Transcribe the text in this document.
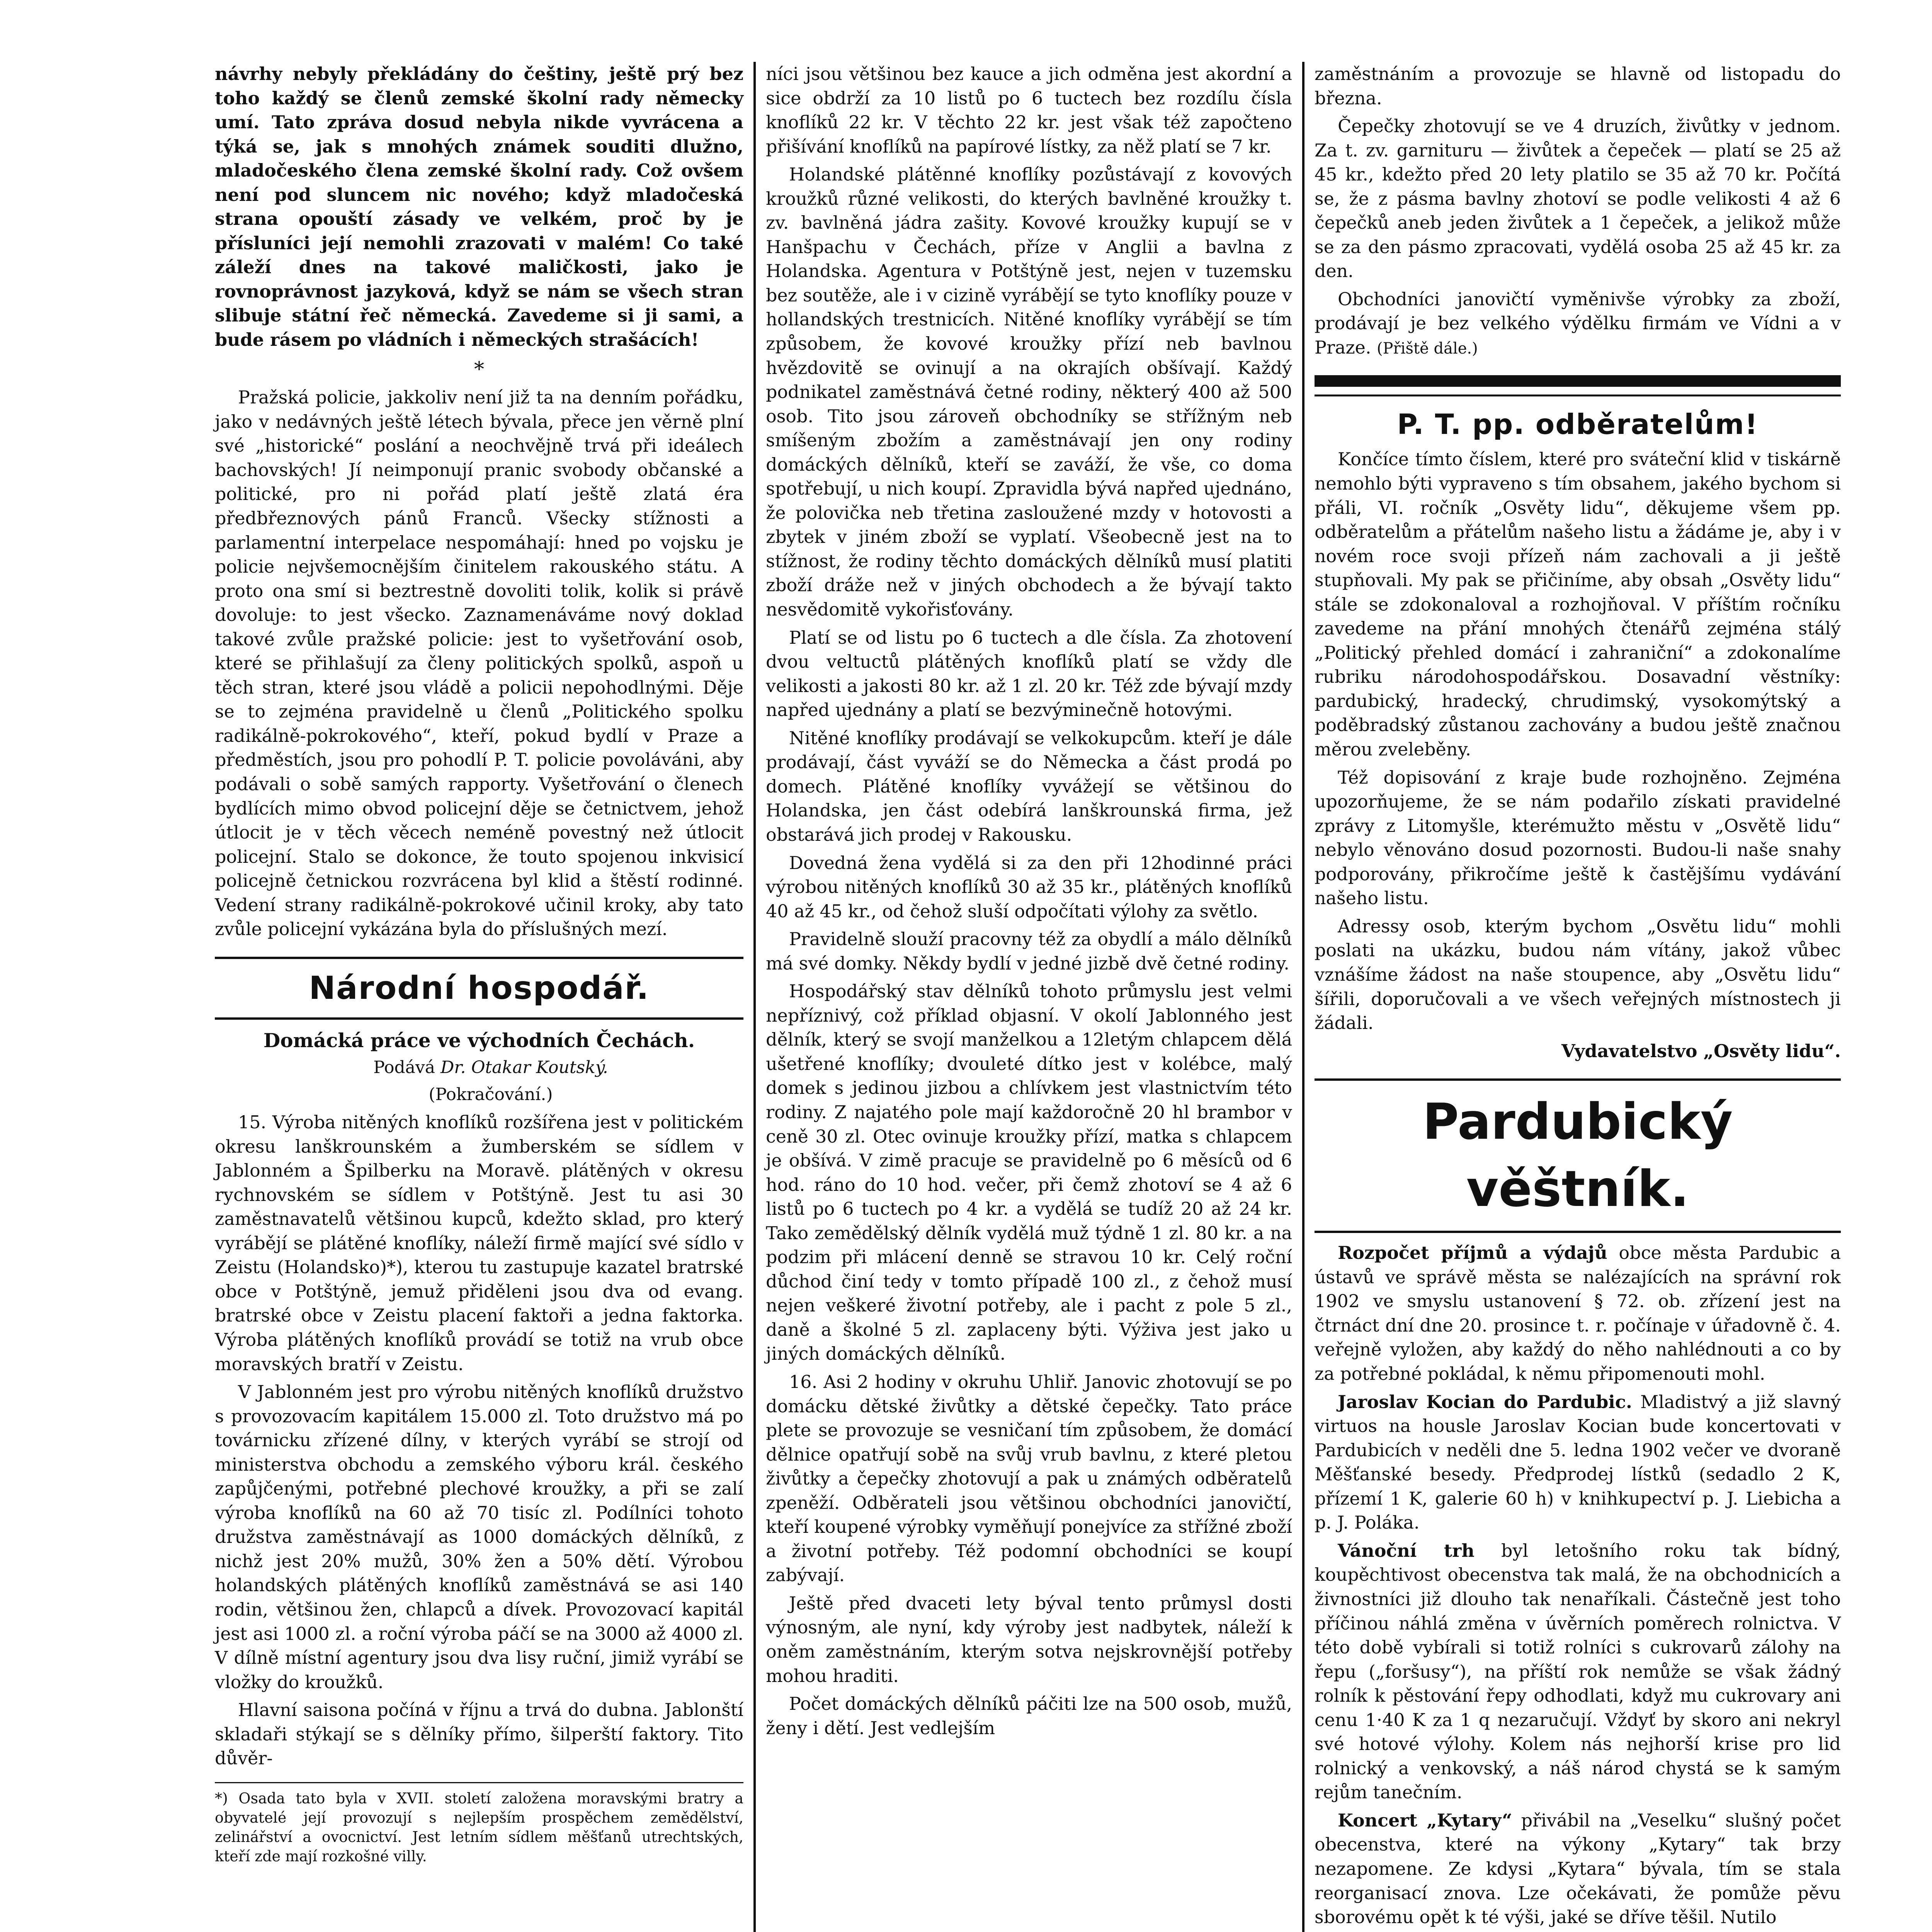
návrhy nebyly překládány do češtiny, ještě prý bez toho každý se členů zemské školní rady německy umí. Tato zpráva dosud nebyla nikde vyvrácena a týká se, jak s mnohých známek souditi dlužno, mladočeského člena zemské školní rady. Což ovšem není pod sluncem nic nového; když mladočeská strana opouští zásady ve velkém, proč by je přísluníci její nemohli zrazovati v malém! Co také záleží dnes na takové maličkosti, jako je rovnoprávnost jazyková, když se nám se všech stran slibuje státní řeč německá. Zavedeme si ji sami, a bude rásem po vládních i německých strašácích!

*

Pražská policie, jakkoliv není již ta na denním pořádku, jako v nedávných ještě létech bývala, přece jen věrně plní své „historické“ poslání a neochvějně trvá při ideálech bachovských! Jí neimponují pranic svobody občanské a politické, pro ni pořád platí ještě zlatá éra předbřeznových pánů Franců. Všecky stížnosti a parlamentní interpelace nespomáhají: hned po vojsku je policie nejvšemocnějším činitelem rakouského státu. A proto ona smí si beztrestně dovoliti tolik, kolik si právě dovoluje: to jest všecko. Zaznamenáváme nový doklad takové zvůle pražské policie: jest to vyšetřování osob, které se přihlašují za členy politických spolků, aspoň u těch stran, které jsou vládě a policii nepohodlnými. Děje se to zejména pravidelně u členů „Politického spolku radikálně-pokrokového“, kteří, pokud bydlí v Praze a předměstích, jsou pro pohodlí P. T. policie povoláváni, aby podávali o sobě samých rapporty. Vyšetřování o členech bydlících mimo obvod policejní děje se četnictvem, jehož útlocit je v těch věcech neméně povestný než útlocit policejní. Stalo se dokonce, že touto spojenou inkvisicí policejně četnickou rozvrácena byl klid a štěstí rodinné. Vedení strany radikálně-pokrokové učinil kroky, aby tato zvůle policejní vykázána byla do příslušných mezí.

Národní hospodář.
Domácká práce ve východních Čechách.

Podává Dr. Otakar Koutský.

(Pokračování.)

15. Výroba nitěných knoflíků rozšířena jest v politickém okresu lanškrounském a žumberském se sídlem v Jablonném a Špilberku na Moravě. plátěných v okresu rychnovském se sídlem v Potštýně. Jest tu asi 30 zaměstnavatelů většinou kupců, kdežto sklad, pro který vyrábějí se plátěné knoflíky, náleží firmě mající své sídlo v Zeistu (Holandsko)*), kterou tu zastupuje kazatel bratrské obce v Potštýně, jemuž přiděleni jsou dva od evang. bratrské obce v Zeistu placení faktoři a jedna faktorka. Výroba plátěných knoflíků provádí se totiž na vrub obce moravských bratří v Zeistu.

V Jablonném jest pro výrobu nitěných knoflíků družstvo s provozovacím kapitálem 15.000 zl. Toto družstvo má po továrnicku zřízené dílny, v kterých vyrábí se strojí od ministerstva obchodu a zemského výboru král. českého zapůjčenými, potřebné plechové kroužky, a při se zalí výroba knoflíků na 60 až 70 tisíc zl. Podílníci tohoto družstva zaměstnávají as 1000 domáckých dělníků, z nichž jest 20% mužů, 30% žen a 50% dětí. Výrobou holandských plátěných knoflíků zaměstnává se asi 140 rodin, většinou žen, chlapců a dívek. Provozovací kapitál jest asi 1000 zl. a roční výroba páčí se na 3000 až 4000 zl. V dílně místní agentury jsou dva lisy ruční, jimiž vyrábí se vložky do kroužků.

Hlavní saisona počíná v říjnu a trvá do dubna. Jablonští skladaři stýkají se s dělníky přímo, šilperští faktory. Tito důvěr-

*) Osada tato byla v XVII. století založena moravskými bratry a obyvatelé její provozují s nejlepším prospěchem zemědělství, zelinářství a ovocnictví. Jest letním sídlem měšťanů utrechtských, kteří zde mají rozkošné villy.

níci jsou většinou bez kauce a jich odměna jest akordní a sice obdrží za 10 listů po 6 tuctech bez rozdílu čísla knoflíků 22 kr. V těchto 22 kr. jest však též započteno přišívání knoflíků na papírové lístky, za něž platí se 7 kr.

Holandské plátěnné knoflíky pozůstávají z kovových kroužků různé velikosti, do kterých bavlněné kroužky t. zv. bavlněná jádra zašity. Kovové kroužky kupují se v Hanšpachu v Čechách, příze v Anglii a bavlna z Holandska. Agentura v Potštýně jest, nejen v tuzemsku bez soutěže, ale i v cizině vyrábějí se tyto knoflíky pouze v hollandských trestnicích. Nitěné knoflíky vyrábějí se tím způsobem, že kovové kroužky přízí neb bavlnou hvězdovitě se ovinují a na okrajích obšívají. Každý podnikatel zaměstnává četné rodiny, některý 400 až 500 osob. Tito jsou zároveň obchodníky se střížným neb smíšeným zbožím a zaměstnávají jen ony rodiny domáckých dělníků, kteří se zaváží, že vše, co doma spotřebují, u nich koupí. Zpravidla bývá napřed ujednáno, že polovička neb třetina zasloužené mzdy v hotovosti a zbytek v jiném zboží se vyplatí. Všeobecně jest na to stížnost, že rodiny těchto domáckých dělníků musí platiti zboží dráže než v jiných obchodech a že bývají takto nesvědomitě vykořisťovány.

Platí se od listu po 6 tuctech a dle čísla. Za zhotovení dvou veltuctů plátěných knoflíků platí se vždy dle velikosti a jakosti 80 kr. až 1 zl. 20 kr. Též zde bývají mzdy napřed ujednány a platí se bezvýminečně hotovými.

Nitěné knoflíky prodávají se velkokupcům. kteří je dále prodávají, část vyváží se do Německa a část prodá po domech. Plátěné knoflíky vyvážejí se většinou do Holandska, jen část odebírá lanškrounská firma, jež obstarává jich prodej v Rakousku.

Dovedná žena vydělá si za den při 12hodinné práci výrobou nitěných knoflíků 30 až 35 kr., plátěných knoflíků 40 až 45 kr., od čehož sluší odpočítati výlohy za světlo.

Pravidelně slouží pracovny též za obydlí a málo dělníků má své domky. Někdy bydlí v jedné jizbě dvě četné rodiny.

Hospodářský stav dělníků tohoto průmyslu jest velmi nepříznivý, což příklad objasní. V okolí Jablonného jest dělník, který se svojí manželkou a 12letým chlapcem dělá ušetřené knoflíky; dvouleté dítko jest v kolébce, malý domek s jedinou jizbou a chlívkem jest vlastnictvím této rodiny. Z najatého pole mají každoročně 20 hl brambor v ceně 30 zl. Otec ovinuje kroužky přízí, matka s chlapcem je obšívá. V zimě pracuje se pravidelně po 6 měsíců od 6 hod. ráno do 10 hod. večer, při čemž zhotoví se 4 až 6 listů po 6 tuctech po 4 kr. a vydělá se tudíž 20 až 24 kr. Tako zemědělský dělník vydělá muž týdně 1 zl. 80 kr. a na podzim při mlácení denně se stravou 10 kr. Celý roční důchod činí tedy v tomto případě 100 zl., z čehož musí nejen veškeré životní potřeby, ale i pacht z pole 5 zl., daně a školné 5 zl. zaplaceny býti. Výživa jest jako u jiných domáckých dělníků.

16. Asi 2 hodiny v okruhu Uhliř. Janovic zhotovují se po domácku dětské živůtky a dětské čepečky. Tato práce plete se provozuje se vesničaní tím způsobem, že domácí dělnice opatřují sobě na svůj vrub bavlnu, z které pletou živůtky a čepečky zhotovují a pak u známých odběratelů zpeněží. Odběrateli jsou většinou obchodníci janovičtí, kteří koupené výrobky vyměňují ponejvíce za střížné zboží a životní potřeby. Též podomní obchodníci se koupí zabývají.

Ještě před dvaceti lety býval tento průmysl dosti výnosným, ale nyní, kdy výroby jest nadbytek, náleží k oněm zaměstnáním, kterým sotva nejskrovnější potřeby mohou hraditi.

Počet domáckých dělníků páčiti lze na 500 osob, mužů, ženy i dětí. Jest vedlejším

zaměstnáním a provozuje se hlavně od listopadu do března.

Čepečky zhotovují se ve 4 druzích, živůtky v jednom. Za t. zv. garnituru — živůtek a čepeček — platí se 25 až 45 kr., kdežto před 20 lety platilo se 35 až 70 kr. Počítá se, že z pásma bavlny zhotoví se podle velikosti 4 až 6 čepečků aneb jeden živůtek a 1 čepeček, a jelikož může se za den pásmo zpracovati, vydělá osoba 25 až 45 kr. za den.

Obchodníci janovičtí vyměnivše výrobky za zboží, prodávají je bez velkého výdělku firmám ve Vídni a v Praze. (Přiště dále.)

P. T. pp. odběratelům!

Končíce tímto číslem, které pro sváteční klid v tiskárně nemohlo býti vypraveno s tím obsahem, jakého bychom si přáli, VI. ročník „Osvěty lidu“, děkujeme všem pp. odběratelům a přátelům našeho listu a žádáme je, aby i v novém roce svoji přízeň nám zachovali a ji ještě stupňovali. My pak se přičiníme, aby obsah „Osvěty lidu“ stále se zdokonaloval a rozhojňoval. V příštím ročníku zavedeme na přání mnohých čtenářů zejména stálý „Politický přehled domácí i zahraniční“ a zdokonalíme rubriku národohospodářskou. Dosavadní věstníky: pardubický, hradecký, chrudimský, vysokomýtský a poděbradský zůstanou zachovány a budou ještě značnou měrou zveleběny.

Též dopisování z kraje bude rozhojněno. Zejména upozorňujeme, že se nám podařilo získati pravidelné zprávy z Litomyšle, kterémužto městu v „Osvětě lidu“ nebylo věnováno dosud pozornosti. Budou-li naše snahy podporovány, přikročíme ještě k častějšímu vydávání našeho listu.

Adressy osob, kterým bychom „Osvětu lidu“ mohli poslati na ukázku, budou nám vítány, jakož vůbec vznášíme žádost na naše stoupence, aby „Osvětu lidu“ šířili, doporučovali a ve všech veřejných místnostech ji žádali.

Vydavatelstvo „Osvěty lidu“.

Pardubický věštník.

Rozpočet příjmů a výdajů obce města Pardubic a ústavů ve správě města se nalézajících na správní rok 1902 ve smyslu ustanovení § 72. ob. zřízení jest na čtrnáct dní dne 20. prosince t. r. počínaje v úřadovně č. 4. veřejně vyložen, aby každý do něho nahlédnouti a co by za potřebné pokládal, k němu připomenouti mohl.

Jaroslav Kocian do Pardubic. Mladistvý a již slavný virtuos na housle Jaroslav Kocian bude koncertovati v Pardubicích v neděli dne 5. ledna 1902 večer ve dvoraně Měšťanské besedy. Předprodej lístků (sedadlo 2 K, přízemí 1 K, galerie 60 h) v knihkupectví p. J. Liebicha a p. J. Poláka.

Vánoční trh byl letošního roku tak bídný, koupěchtivost obecenstva tak malá, že na obchodnicích a živnostníci již dlouho tak nenaříkali. Částečně jest toho příčinou náhlá změna v úvěrních poměrech rolnictva. V této době vybírali si totiž rolníci s cukrovarů zálohy na řepu („foršusy“), na příští rok nemůže se však žádný rolník k pěstování řepy odhodlati, když mu cukrovary ani cenu 1·40 K za 1 q nezaručují. Vždyť by skoro ani nekryl své hotové výlohy. Kolem nás nejhorší krise pro lid rolnický a venkovský, a náš národ chystá se k samým rejům tanečním.

Koncert „Kytary“ přivábil na „Veselku“ slušný počet obecenstva, které na výkony „Kytary“ tak brzy nezapomene. Ze kdysi „Kytara“ bývala, tím se stala reorganisací znova. Lze očekávati, že pomůže pěvu sborovému opět k té výši, jaké se dříve těšil. Nutilo
